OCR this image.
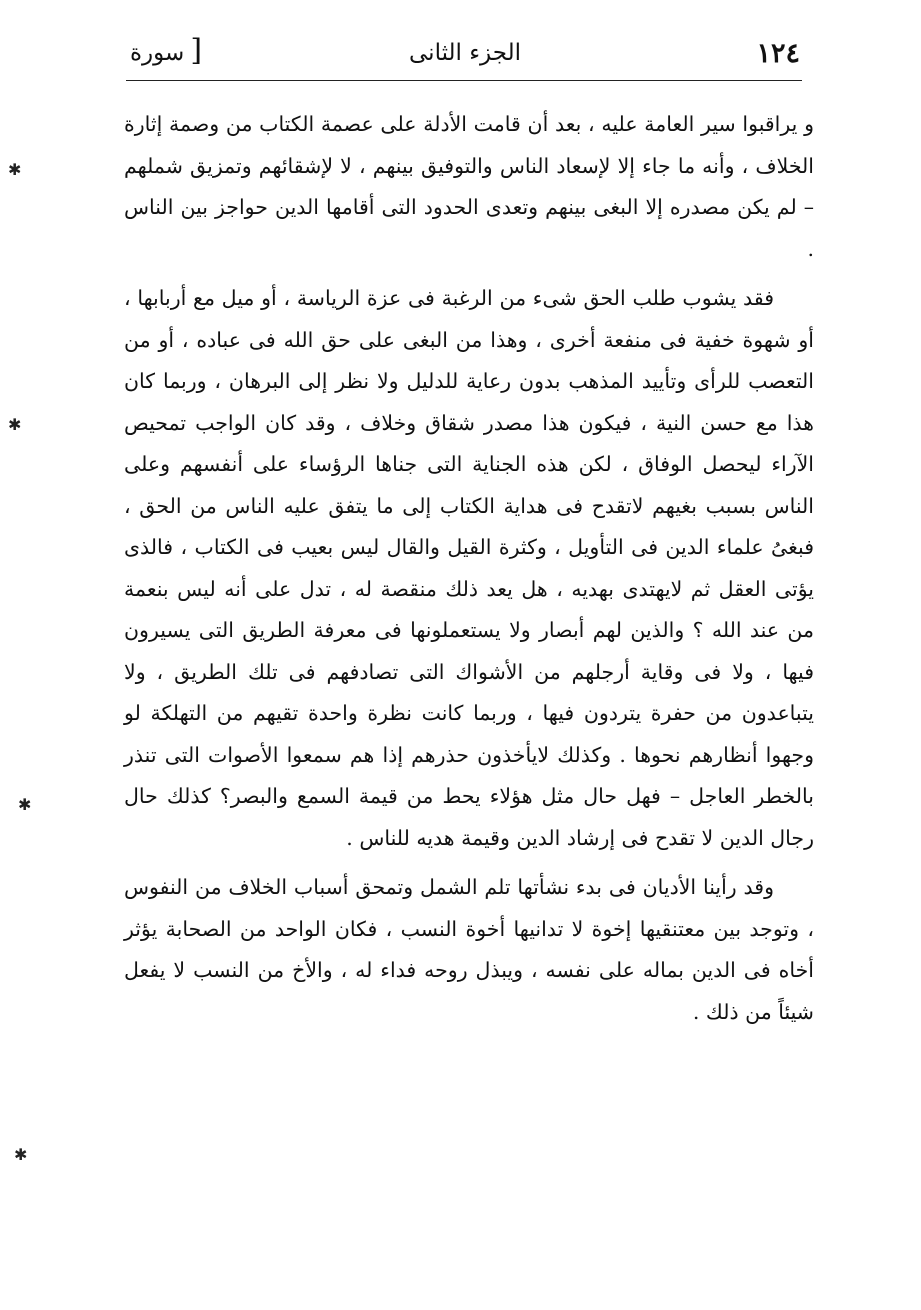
١٢٤
الجزء الثانى
[سورة

و يراقبوا سير العامة عليه ، بعد أن قامت الأدلة على عصمة الكتاب من وصمة إثارة الخلاف ، وأنه ما جاء إلا لإسعاد الناس والتوفيق بينهم ، لا لإشقائهم وتمزيق شملهم – لم يكن مصدره إلا البغى بينهم وتعدى الحدود التى أقامها الدين حواجز بين الناس .

فقد يشوب طلب الحق شىء من الرغبة فى عزة الرياسة ، أو ميل مع أربابها ، أو شهوة خفية فى منفعة أخرى ، وهذا من البغى على حق الله فى عباده ، أو من التعصب للرأى وتأييد المذهب بدون رعاية للدليل ولا نظر إلى البرهان ، وربما كان هذا مع حسن النية ، فيكون هذا مصدر شقاق وخلاف ، وقد كان الواجب تمحيص الآراء ليحصل الوفاق ، لكن هذه الجناية التى جناها الرؤساء على أنفسهم وعلى الناس بسبب بغيهم لاتقدح فى هداية الكتاب إلى ما يتفق عليه الناس من الحق ، فبغىُ علماء الدين فى التأويل ، وكثرة القيل والقال ليس بعيب فى الكتاب ، فالذى يؤتى العقل ثم لايهتدى بهديه ، هل يعد ذلك منقصة له ، تدل على أنه ليس بنعمة من عند الله ؟ والذين لهم أبصار ولا يستعملونها فى معرفة الطريق التى يسيرون فيها ، ولا فى وقاية أرجلهم من الأشواك التى تصادفهم فى تلك الطريق ، ولا يتباعدون من حفرة يتردون فيها ، وربما كانت نظرة واحدة تقيهم من التهلكة لو وجهوا أنظارهم نحوها . وكذلك لايأخذون حذرهم إذا هم سمعوا الأصوات التى تنذر بالخطر العاجل – فهل حال مثل هؤلاء يحط من قيمة السمع والبصر؟ كذلك حال رجال الدين لا تقدح فى إرشاد الدين وقيمة هديه للناس .

وقد رأينا الأديان فى بدء نشأتها تلم الشمل وتمحق أسباب الخلاف من النفوس ، وتوجد بين معتنقيها إخوة لا تدانيها أخوة النسب ، فكان الواحد من الصحابة يؤثر أخاه فى الدين بماله على نفسه ، ويبذل روحه فداء له ، والأخ من النسب لا يفعل شيئاً من ذلك .

✱
✱
✱
✱
